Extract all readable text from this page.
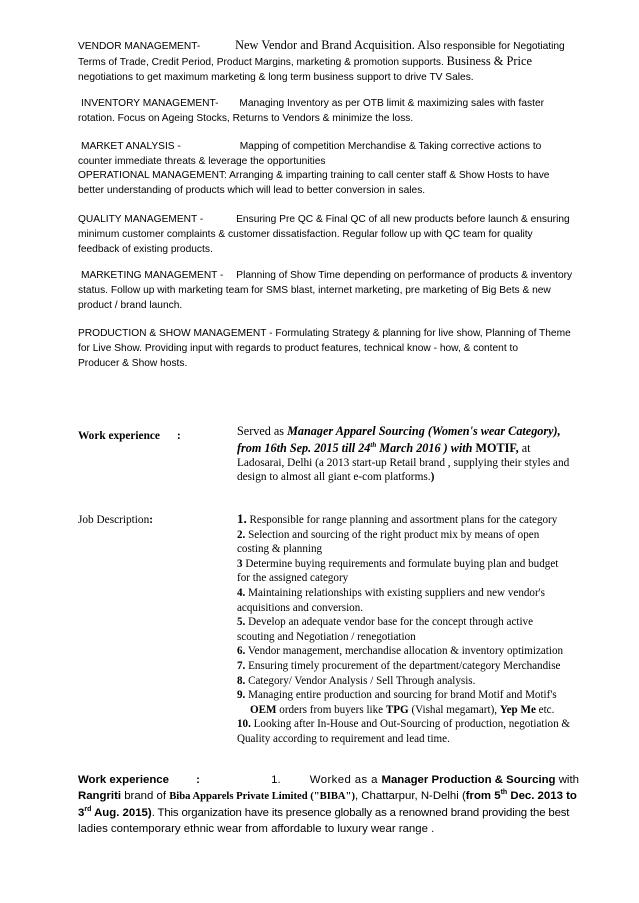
VENDOR MANAGEMENT-	New Vendor and Brand Acquisition. Also responsible for Negotiating
Terms of Trade, Credit Period, Product Margins, marketing & promotion supports. Business & Price
negotiations to get maximum marketing & long term business support to drive TV Sales.
INVENTORY MANAGEMENT- Managing Inventory as per OTB limit & maximizing sales with faster
rotation. Focus on Ageing Stocks, Returns to Vendors & minimize the loss.
MARKET ANALYSIS -	Mapping of competition Merchandise & Taking corrective actions to
counter immediate threats & leverage the opportunities
OPERATIONAL MANAGEMENT: Arranging & imparting training to call center staff & Show Hosts to have
better understanding of products which will lead to better conversion in sales.
QUALITY MANAGEMENT -	Ensuring Pre QC & Final QC of all new products before launch & ensuring
minimum customer complaints & customer dissatisfaction. Regular follow up with QC team for quality
feedback of existing products.
MARKETING MANAGEMENT - Planning of Show Time depending on performance of products & inventory
status. Follow up with marketing team for SMS blast, internet marketing, pre marketing of Big Bets & new
product / brand launch.
PRODUCTION & SHOW MANAGEMENT - Formulating Strategy & planning for live show, Planning of Theme
for Live Show. Providing input with regards to product features, technical know - how, & content to
Producer & Show hosts.
Work experience :	Served as Manager Apparel Sourcing (Women's wear Category),

from 16th Sep. 2015 till 24th March 2016 ) with MOTIF, at

Ladosarai, Delhi (a 2013 start-up Retail brand , supplying their styles and

design to almost all giant e-com platforms.)

Job Description:	1. Responsible for range planning and assortment plans for the category

2. Selection and sourcing of the right product mix by means of open

costing & planning

3 Determine buying requirements and formulate buying plan and budget

for the assigned category

4. Maintaining relationships with existing suppliers and new vendor's

acquisitions and conversion.

5. Develop an adequate vendor base for the concept through active

scouting and Negotiation / renegotiation

6. Vendor management, merchandise allocation & inventory optimization

7. Ensuring timely procurement of the department/category Merchandise

8. Category/ Vendor Analysis / Sell Through analysis.

9. Managing entire production and sourcing for brand Motif and Motif's

OEM orders from buyers like TPG (Vishal megamart), Yep Me etc.

10. Looking after In-House and Out-Sourcing of production, negotiation &

Quality according to requirement and lead time.

Work experience :	1.	Worked as a Manager Production & Sourcing with
Rangriti brand of Biba Apparels Private Limited ("BIBA"), Chattarpur, N-Delhi (from 5th Dec. 2013 to
3rd Aug. 2015). This organization have its presence globally as a renowned brand providing the best
ladies contemporary ethnic wear from affordable to luxury wear range .
